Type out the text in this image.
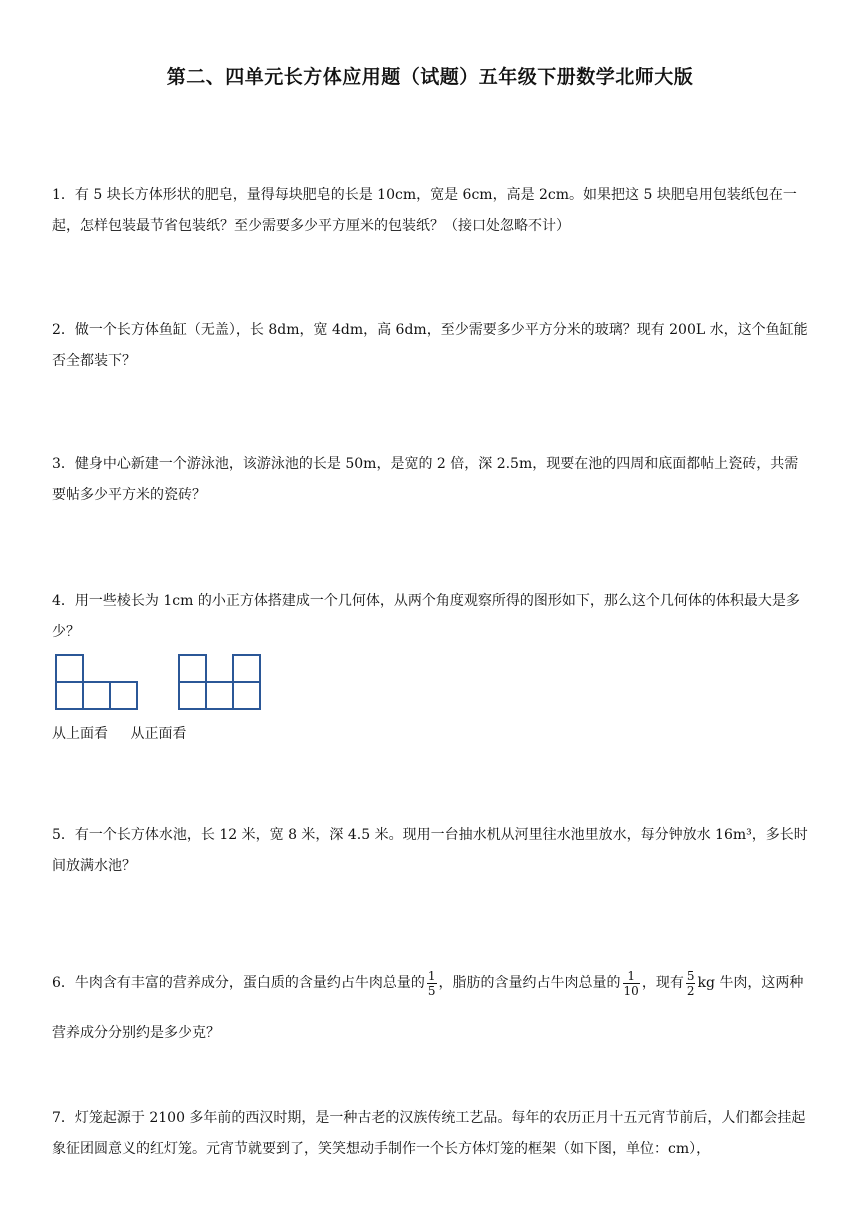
第二、四单元长方体应用题（试题）五年级下册数学北师大版
1．有 5 块长方体形状的肥皂，量得每块肥皂的长是 10cm，宽是 6cm，高是 2cm。如果把这 5 块肥皂用包装纸包在一起，怎样包装最节省包装纸？至少需要多少平方厘米的包装纸？（接口处忽略不计）
2．做一个长方体鱼缸（无盖），长 8dm，宽 4dm，高 6dm，至少需要多少平方分米的玻璃？现有 200L 水，这个鱼缸能否全都装下？
3．健身中心新建一个游泳池，该游泳池的长是 50m，是宽的 2 倍，深 2.5m，现要在池的四周和底面都帖上瓷砖，共需要帖多少平方米的瓷砖？
4．用一些棱长为 1cm 的小正方体搭建成一个几何体，从两个角度观察所得的图形如下，那么这个几何体的体积最大是多少？
从上面看 从正面看
5．有一个长方体水池，长 12 米，宽 8 米，深 4.5 米。现用一台抽水机从河里往水池里放水，每分钟放水 16m³，多长时间放满水池？
6．牛肉含有丰富的营养成分，蛋白质的含量约占牛肉总量的 $\frac{1}{5}$ ，脂肪的含量约占牛肉总量的 $\frac{1}{10}$ ，现有 $\frac{5}{2}$ kg 牛肉，这两种营养成分分别约是多少克？
7．灯笼起源于 2100 多年前的西汉时期，是一种古老的汉族传统工艺品。每年的农历正月十五元宵节前后，人们都会挂起象征团圆意义的红灯笼。元宵节就要到了，笑笑想动手制作一个长方体灯笼的框架（如下图，单位：cm），
